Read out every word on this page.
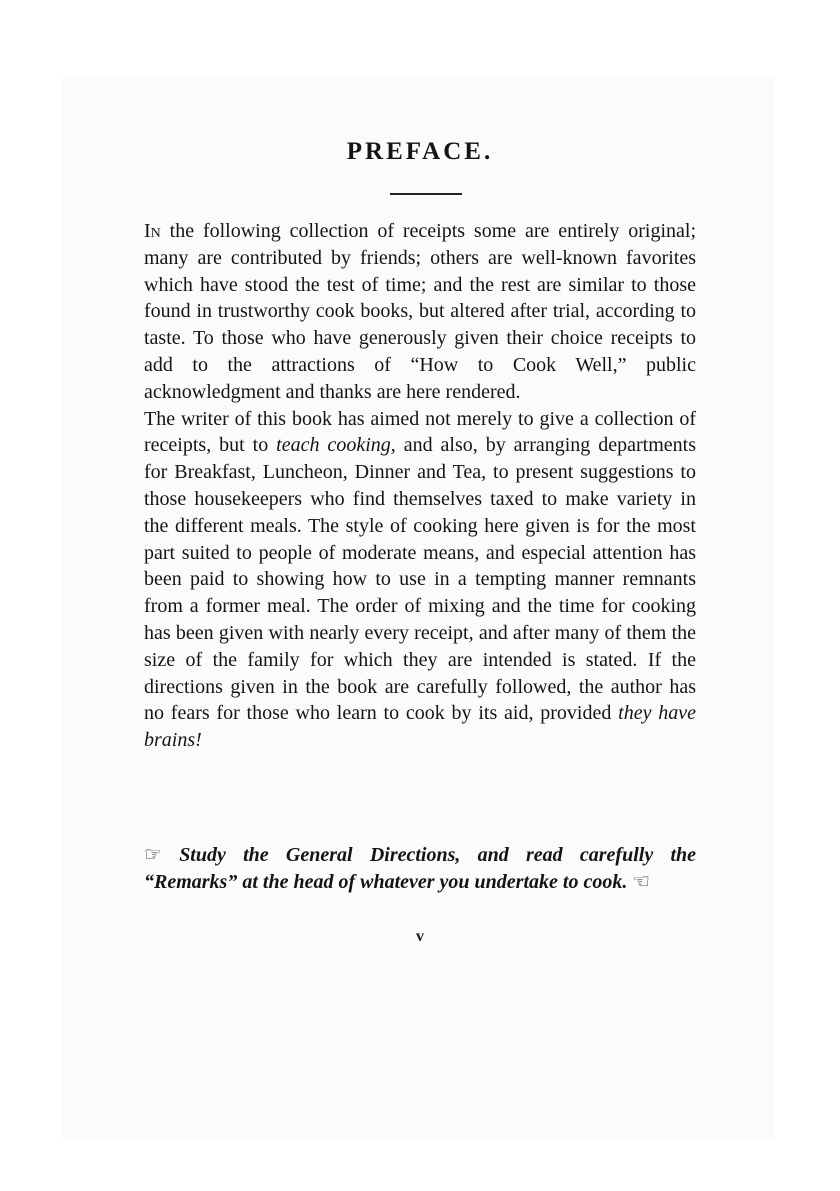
PREFACE.

In the following collection of receipts some are entirely original; many are contributed by friends; others are well-known favorites which have stood the test of time; and the rest are similar to those found in trustworthy cook books, but altered after trial, according to taste. To those who have generously given their choice receipts to add to the attractions of “How to Cook Well,” public acknowledgment and thanks are here rendered.

The writer of this book has aimed not merely to give a collection of receipts, but to teach cooking, and also, by arranging departments for Breakfast, Luncheon, Dinner and Tea, to present suggestions to those housekeepers who find themselves taxed to make variety in the different meals. The style of cooking here given is for the most part suited to people of moderate means, and especial attention has been paid to showing how to use in a tempting manner remnants from a former meal. The order of mixing and the time for cooking has been given with nearly every receipt, and after many of them the size of the family for which they are intended is stated. If the directions given in the book are carefully followed, the author has no fears for those who learn to cook by its aid, provided they have brains!

☞ Study the General Directions, and read carefully the “Remarks” at the head of whatever you undertake to cook. ☞

v
